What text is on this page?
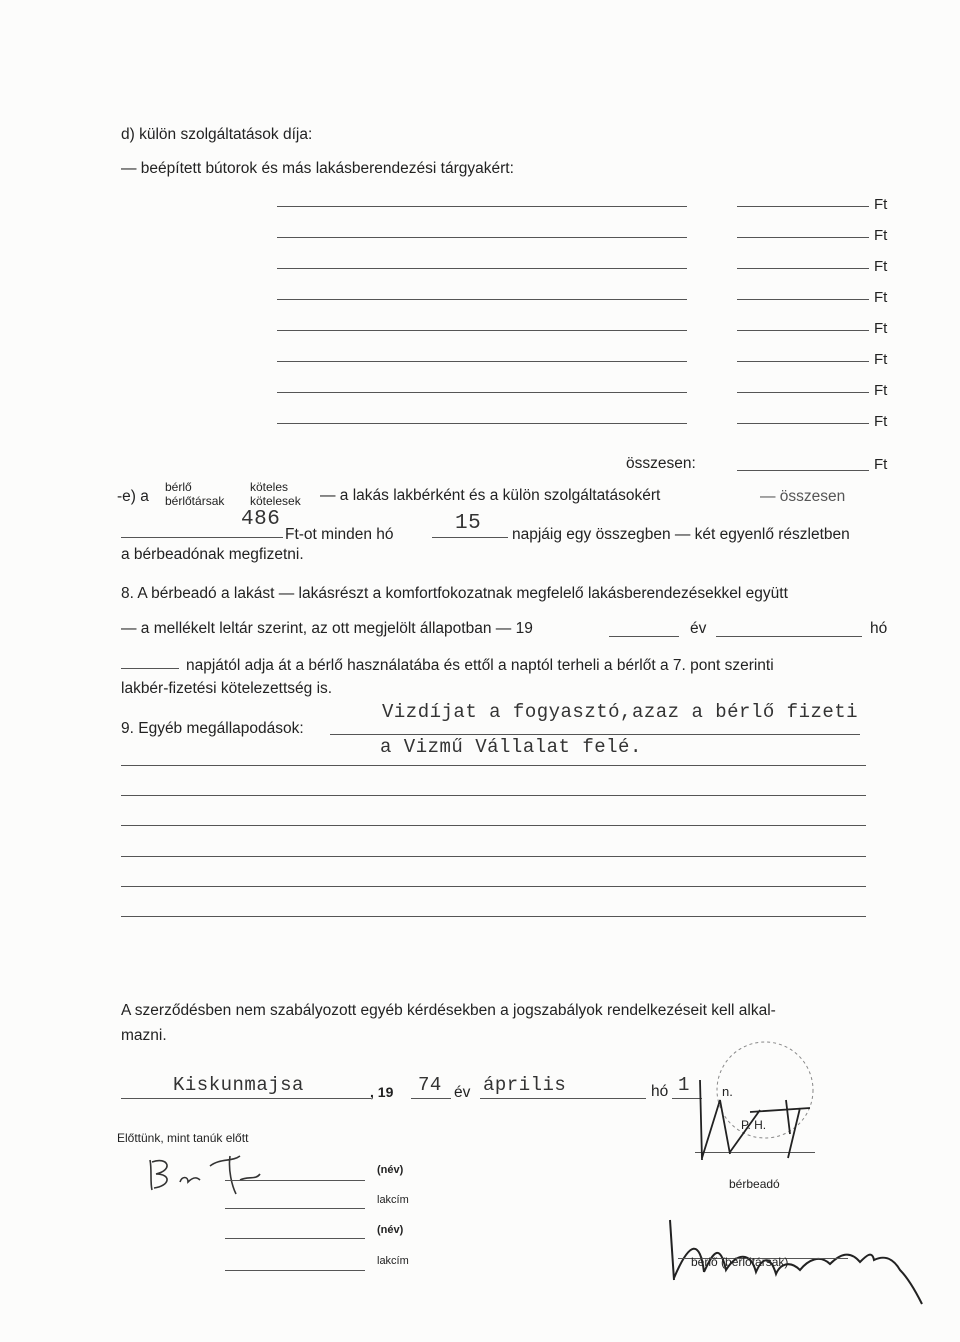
d) külön szolgáltatások díja:
— beépített bútorok és más lakásberendezési tárgyakért:
Ft
Ft
Ft
Ft
Ft
Ft
Ft
Ft
összesen:	Ft
-e) a
bérlő
bérlőtársak
köteles
kötelesek — a lakás lakbérként és a külön szolgáltatásokért	— összesen
486
Ft-ot minden hó	15 napjáig egy összegben — két egyenlő részletben
a bérbeadónak megfizetni.
8. A bérbeadó a lakást — lakásrészt a komfortfokozatnak megfelelő lakásberendezésekkel együtt
— a mellékelt leltár szerint, az ott megjelölt állapotban — 19	év	hó
napjától adja át a bérlő használatába és ettől a naptól terheli a bérlőt a 7. pont szerinti
lakbér-fizetési kötelezettség is.
9. Egyéb megállapodások:
Vizdíjat a fogyasztó,azaz a bérlő fizeti
a Vizmű Vállalat felé.
A szerződésben nem szabályozott egyéb kérdésekben a jogszabályok rendelkezéseit kell alkal-
mazni.
Kiskunmajsa	, 19 74 év április	hó 1 n.
Előttünk, mint tanúk előtt
(név)
lakcím
(név)
lakcím
P. H.
bérbeadó
bérlő (bérlőtársak)
